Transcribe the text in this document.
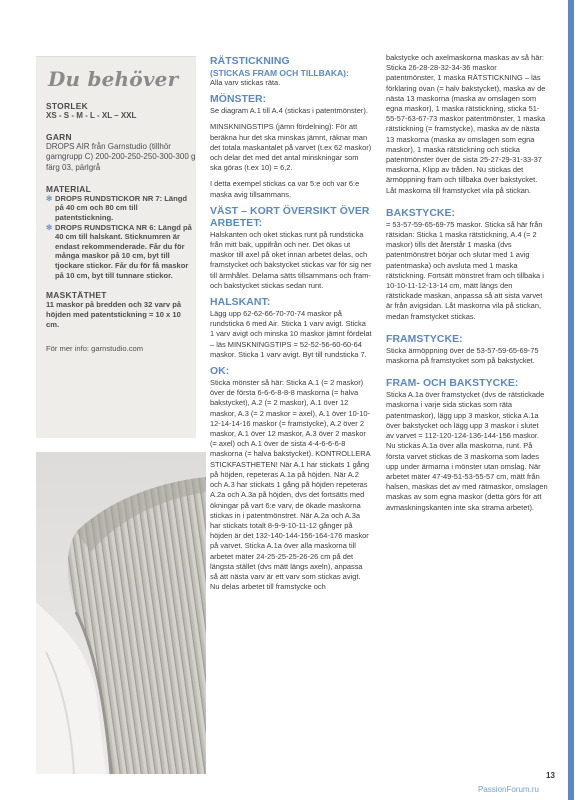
Du behöver
STORLEK
XS - S - M - L - XL – XXL
GARN
DROPS AIR från Garnstudio (tillhör garngrupp C) 200-200-250-250-300-300 g färg 03, pärlgrå
MATERIAL
✻ DROPS RUNDSTICKOR NR 7: Längd på 40 cm och 80 cm till patentstickning.
✻ DROPS RUNDSTICKA NR 6: Längd på 40 cm till halskant. Sticknumren är endast rekommenderade. Får du för många maskor på 10 cm, byt till tjockare stickor. Får du för få maskor på 10 cm, byt till tunnare stickor.
MASKTÄTHET
11 maskor på bredden och 32 varv på höjden med patentstickning = 10 x 10 cm.
För mer info: garnstudio.com
RÄTSTICKNING
(STICKAS FRAM OCH TILLBAKA):
Alla varv stickas räta.
MÖNSTER:
Se diagram A.1 till A.4 (stickas i patentmönster).
MINSKNINGSTIPS (jämn fördelning): För att beräkna hur det ska minskas jämnt, räknar man det totala maskantalet på varvet (t.ex 62 maskor) och delar det med det antal minskningar som ska göras (t.ex 10) = 6,2.
I detta exempel stickas ca var 5:e och var 6:e maska avig tillsammans.
VÄST – KORT ÖVERSIKT ÖVER ARBETET:
Halskanten och oket stickas runt på rundsticka från mitt bak, uppifrån och ner. Det ökas ut maskor till axel på oket innan arbetet delas, och framstycket och bakstycket stickas var för sig ner till ärmhålet. Delarna sätts tillsammans och fram- och bakstycket stickas sedan runt.
HALSKANT:
Lägg upp 62-62-66-70-70-74 maskor på rundsticka 6 med Air. Sticka 1 varv avigt. Sticka 1 varv avigt och minska 10 maskor jämnt fördelat – läs MINSKNINGSTIPS = 52-52-56-60-60-64 maskor. Sticka 1 varv avigt. Byt till rundsticka 7.
OK:
Sticka mönster så här: Sticka A.1 (= 2 maskor) över de första 6-6-6-8-8-8 maskorna (= halva bakstycket), A.2 (= 2 maskor), A.1 över 12 maskor, A.3 (= 2 maskor = axel), A.1 över 10-10-12-14-14-16 maskor (= framstycke), A.2 över 2 maskor, A.1 över 12 maskor, A.3 över 2 maskor (= axel) och A.1 över de sista 4-4-6-6-6-8 maskorna (= halva bakstycket). KONTROLLERA STICKFASTHETEN! När A.1 har stickats 1 gång på höjden, repeteras A.1a på höjden. När A.2 och A.3 har stickats 1 gång på höjden repeteras A.2a och A.3a på höjden, dvs det fortsätts med ökningar på vart 6:e varv, de ökade maskorna stickas in i patentmönstret. När A.2a och A.3a har stickats totalt 8-9-9-10-11-12 gånger på höjden är det 132-140-144-156-164-176 maskor på varvet. Sticka A.1a över alla maskorna till arbetet mäter 24-25-25-25-26-26 cm på det längsta stället (dvs mätt längs axeln), anpassa så att nästa varv är ett varv som stickas avigt. Nu delas arbetet till framstycke och
bakstycke och axelmaskorna maskas av så här: Sticka 26-28-28-32-34-36 maskor patentmönster, 1 maska RÄTSTICKNING – läs förklaring ovan (= halv bakstycket), maska av de nästa 13 maskorna (maska av omslagen som egna maskor), 1 maska rätstickning, sticka 51-55-57-63-67-73 maskor patentmönster, 1 maska rätstickning (= framstycke), maska av de nästa 13 maskorna (maska av omslagen som egna maskor), 1 maska rätstickning och sticka patentmönster över de sista 25-27-29-31-33-37 maskorna. Klipp av tråden. Nu stickas det ärmöppning fram och tillbaka över bakstycket. Låt maskorna till framstycket vila på stickan.
BAKSTYCKE:
= 53-57-59-65-69-75 maskor. Sticka så här från rätsidan: Sticka 1 maska rätstickning, A.4 (= 2 maskor) tills det återstår 1 maska (dvs patentmönstret börjar och slutar med 1 avig patentmaska) och avsluta med 1 maska rätstickning. Fortsätt mönstret fram och tillbaka i 10-10-11-12-13-14 cm, mätt längs den rätstickade maskan, anpassa så att sista varvet är från avigsidan. Låt maskorna vila på stickan, medan framstycket stickas.
FRAMSTYCKE:
Sticka ärmöppning över de 53-57-59-65-69-75 maskorna på framstycket som på bakstycket.
FRAM- OCH BAKSTYCKE:
Sticka A.1a över framstycket (dvs de rätstickade maskorna i varje sida stickas som räta patentmaskor), lägg upp 3 maskor, sticka A.1a över bakstycket och lägg upp 3 maskor i slutet av varvet = 112-120-124-136-144-156 maskor. Nu stickas A.1a över alla maskorna, runt. På första varvet stickas de 3 maskorna som lades upp under ärmarna i mönster utan omslag. När arbetet mäter 47-49-51-53-55-57 cm, mätt från halsen, maskas det av med rätmaskor, omslagen maskas av som egna maskor (detta görs för att avmaskningskanten inte ska strama arbetet).
13
PassionForum.ru
